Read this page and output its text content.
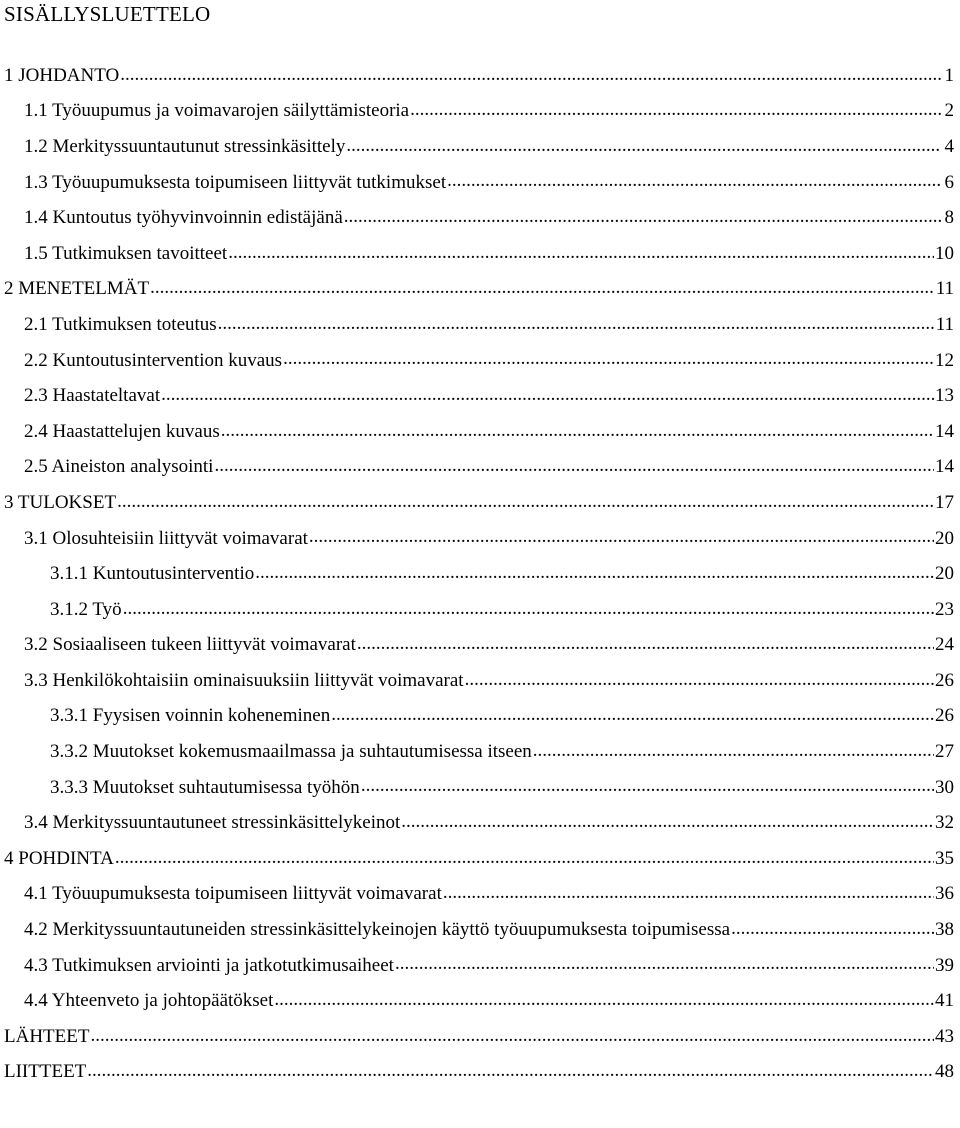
SISÄLLYSLUETTELO
1 JOHDANTO .....	1
1.1 Työuupumus ja voimavarojen säilyttämisteoria .....	2
1.2 Merkityssuuntautunut stressinkäsittely .....	4
1.3 Työuupumuksesta toipumiseen liittyvät tutkimukset .....	6
1.4 Kuntoutus työhyvinvoinnin edistäjänä .....	8
1.5 Tutkimuksen tavoitteet .....	10
2 MENETELMÄT .....	11
2.1 Tutkimuksen toteutus .....	11
2.2 Kuntoutusintervention kuvaus .....	12
2.3 Haastateltavat .....	13
2.4 Haastattelujen kuvaus .....	14
2.5 Aineiston analysointi .....	14
3 TULOKSET .....	17
3.1 Olosuhteisiin liittyvät voimavarat .....	20
3.1.1 Kuntoutusinterventio .....	20
3.1.2 Työ .....	23
3.2 Sosiaaliseen tukeen liittyvät voimavarat .....	24
3.3 Henkilökohtaisiin ominaisuuksiin liittyvät voimavarat .....	26
3.3.1 Fyysisen voinnin koheneminen .....	26
3.3.2 Muutokset kokemusmaailmassa ja suhtautumisessa itseen .....	27
3.3.3 Muutokset suhtautumisessa työhön .....	30
3.4 Merkityssuuntautuneet stressinkäsittelykeinot .....	32
4 POHDINTA .....	35
4.1 Työuupumuksesta toipumiseen liittyvät voimavarat .....	36
4.2 Merkityssuuntautuneiden stressinkäsittelykeinojen käyttö työuupumuksesta toipumisessa .....	38
4.3 Tutkimuksen arviointi ja jatkotutkimusaiheet .....	39
4.4 Yhteenveto ja johtopäätökset .....	41
LÄHTEET .....	43
LIITTEET .....	48
